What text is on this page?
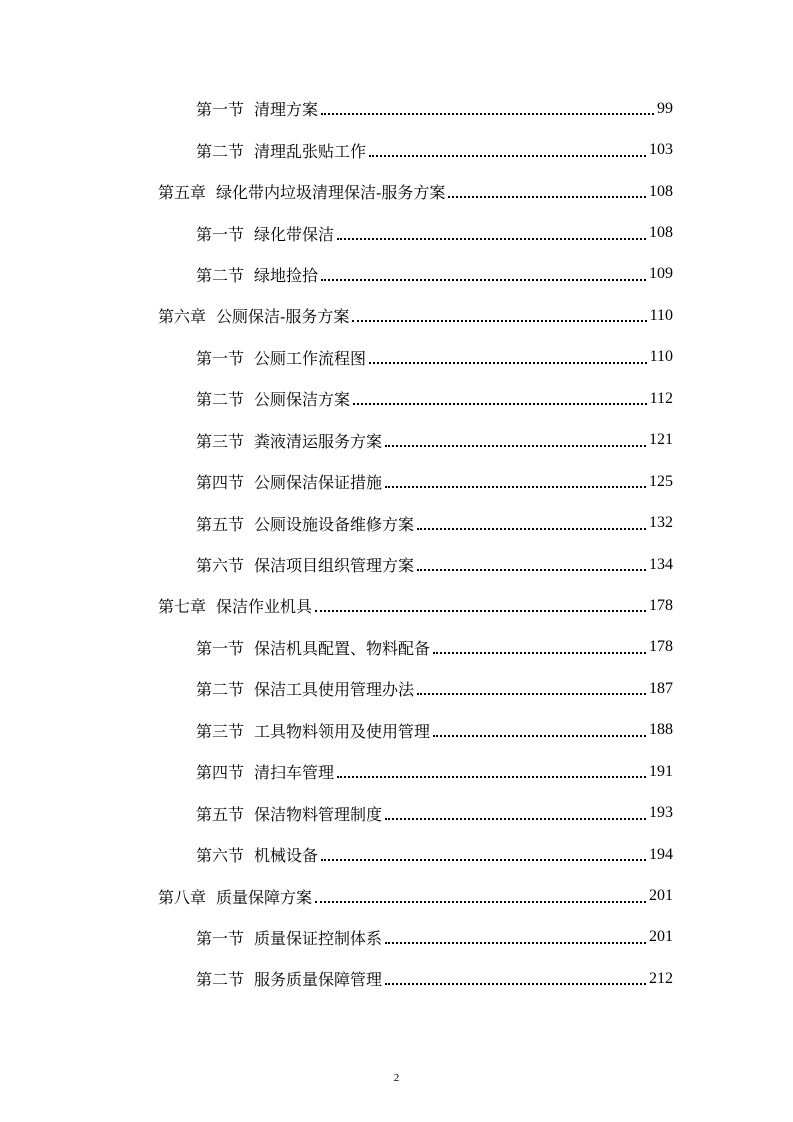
第一节 清理方案	99
第二节 清理乱张贴工作	103
第五章 绿化带内垃圾清理保洁-服务方案	108
第一节 绿化带保洁	108
第二节 绿地捡拾	109
第六章 公厕保洁-服务方案	110
第一节 公厕工作流程图	110
第二节 公厕保洁方案	112
第三节 粪液清运服务方案	121
第四节 公厕保洁保证措施	125
第五节 公厕设施设备维修方案	132
第六节 保洁项目组织管理方案	134
第七章 保洁作业机具	178
第一节 保洁机具配置、物料配备	178
第二节 保洁工具使用管理办法	187
第三节 工具物料领用及使用管理	188
第四节 清扫车管理	191
第五节 保洁物料管理制度	193
第六节 机械设备	194
第八章 质量保障方案	201
第一节 质量保证控制体系	201
第二节 服务质量保障管理	212
2
